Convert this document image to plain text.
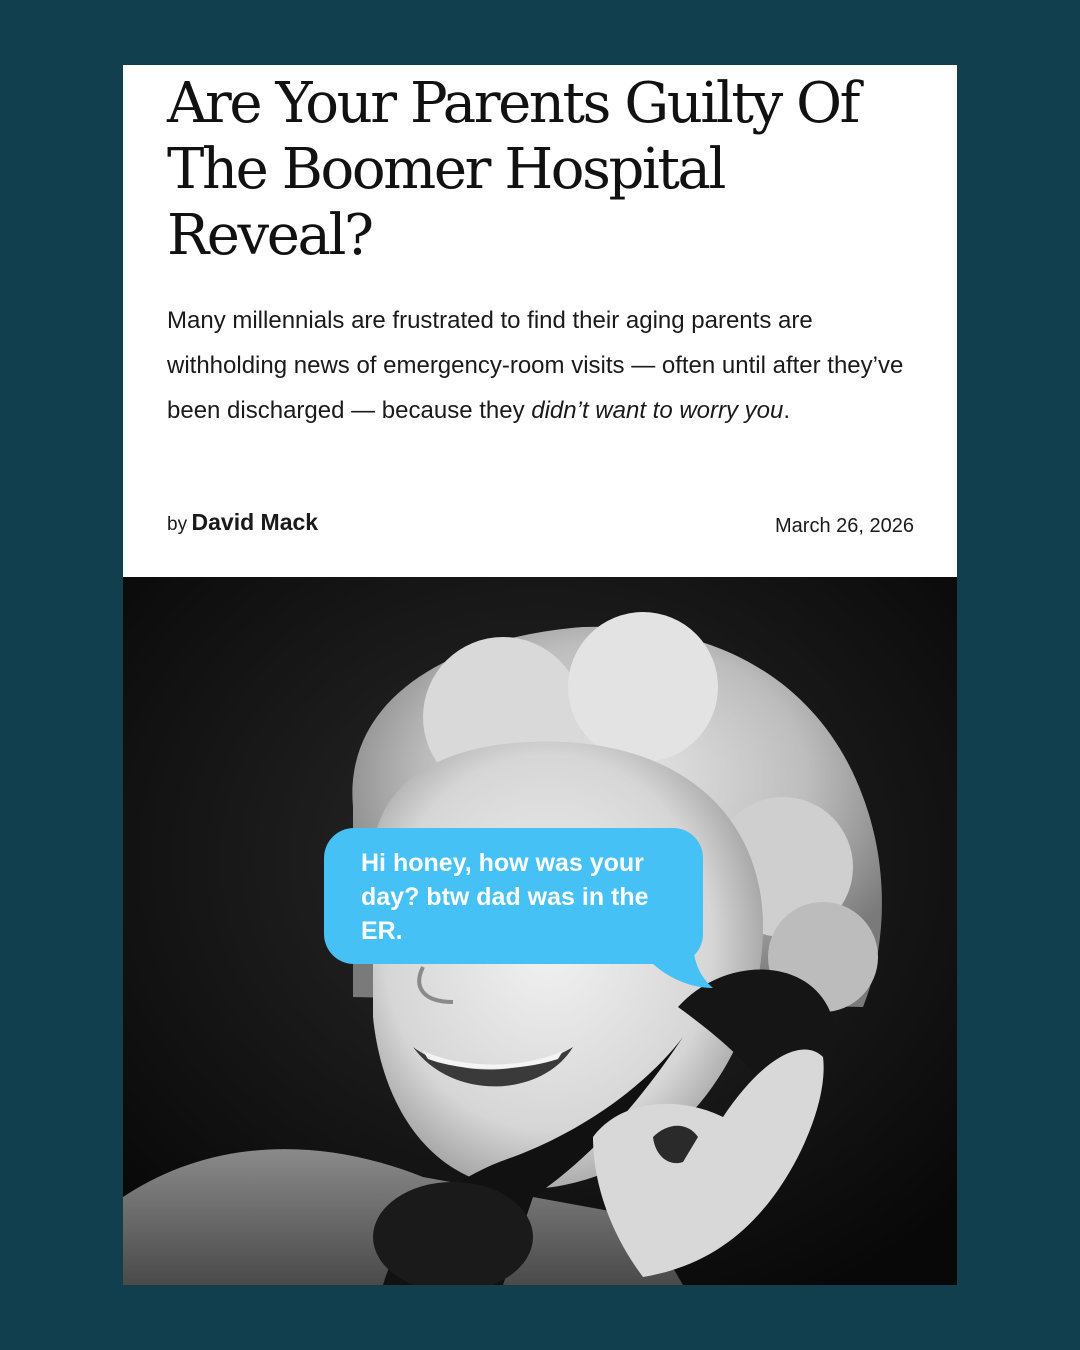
Are Your Parents Guilty Of The Boomer Hospital Reveal?

Many millennials are frustrated to find their aging parents are withholding news of emergency-room visits — often until after they’ve been discharged — because they didn’t want to worry you.

by David Mack	March 26, 2026

Hi honey, how was your day? btw dad was in the ER.
